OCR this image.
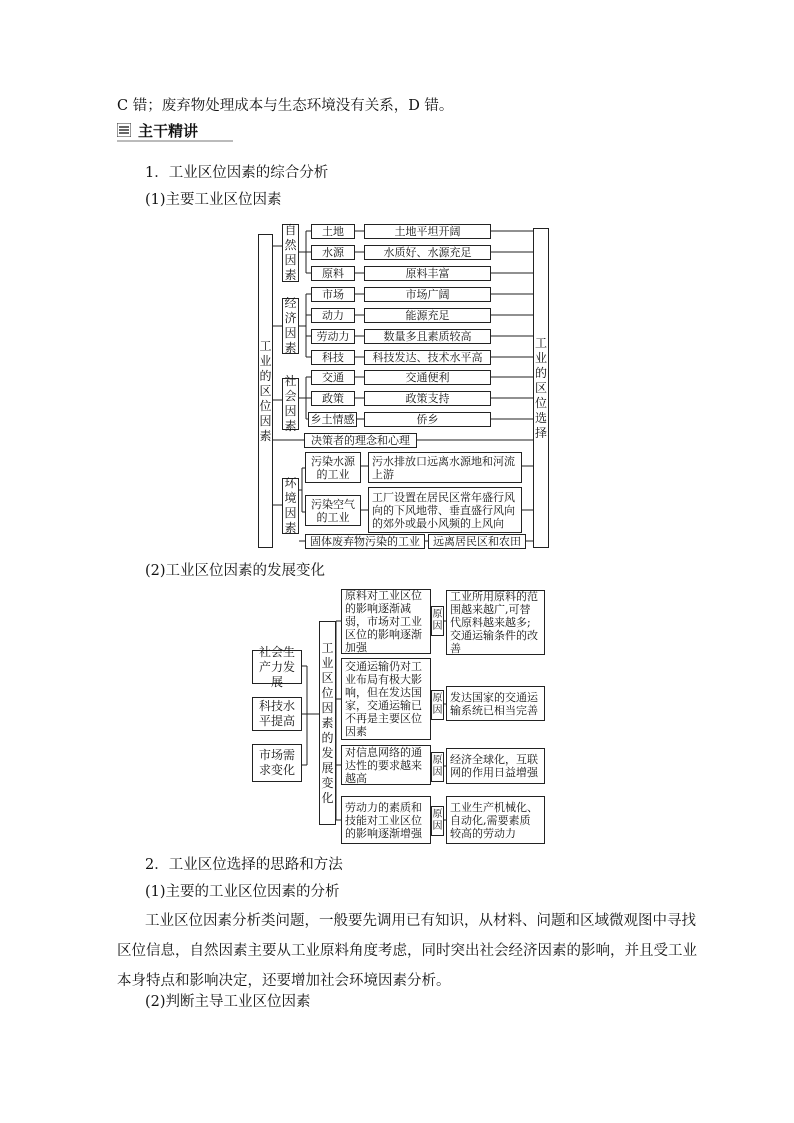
C 错；废弃物处理成本与生态环境没有关系，D 错。
主干精讲
1．工业区位因素的综合分析
(1)主要工业区位因素
工业的区位因素
工业的区位选择
自然因素
经济因素
社会因素
环境因素
土地	土地平坦开阔
水源	水质好、水源充足
原料	原料丰富
市场	市场广阔
动力	能源充足
劳动力	数量多且素质较高
科技	科技发达、技术水平高
交通	交通便利
政策	政策支持
乡土情感	侨乡
决策者的理念和心理
污染水源的工业
污水排放口远离水源地和河流上游
污染空气的工业
工厂设置在居民区常年盛行风向的下风地带、垂直盛行风向的郊外或最小风频的上风向
固体废弃物污染的工业	远离居民区和农田
(2)工业区位因素的发展变化
社会生产力发展
科技水平提高
市场需求变化
工业区位因素的发展变化
原料对工业区位的影响逐渐减弱，市场对工业区位的影响逐渐加强
原因
工业所用原料的范围越来越广,可替代原料越来越多;交通运输条件的改善
交通运输仍对工业布局有极大影响，但在发达国家，交通运输已不再是主要区位因素
原因
发达国家的交通运输系统已相当完善
对信息网络的通达性的要求越来越高
原因
经济全球化，互联网的作用日益增强
劳动力的素质和技能对工业区位的影响逐渐增强
原因
工业生产机械化、自动化,需要素质较高的劳动力
2．工业区位选择的思路和方法
(1)主要的工业区位因素的分析
工业区位因素分析类问题，一般要先调用已有知识，从材料、问题和区域微观图中寻找
区位信息，自然因素主要从工业原料角度考虑，同时突出社会经济因素的影响，并且受工业
本身特点和影响决定，还要增加社会环境因素分析。
(2)判断主导工业区位因素
